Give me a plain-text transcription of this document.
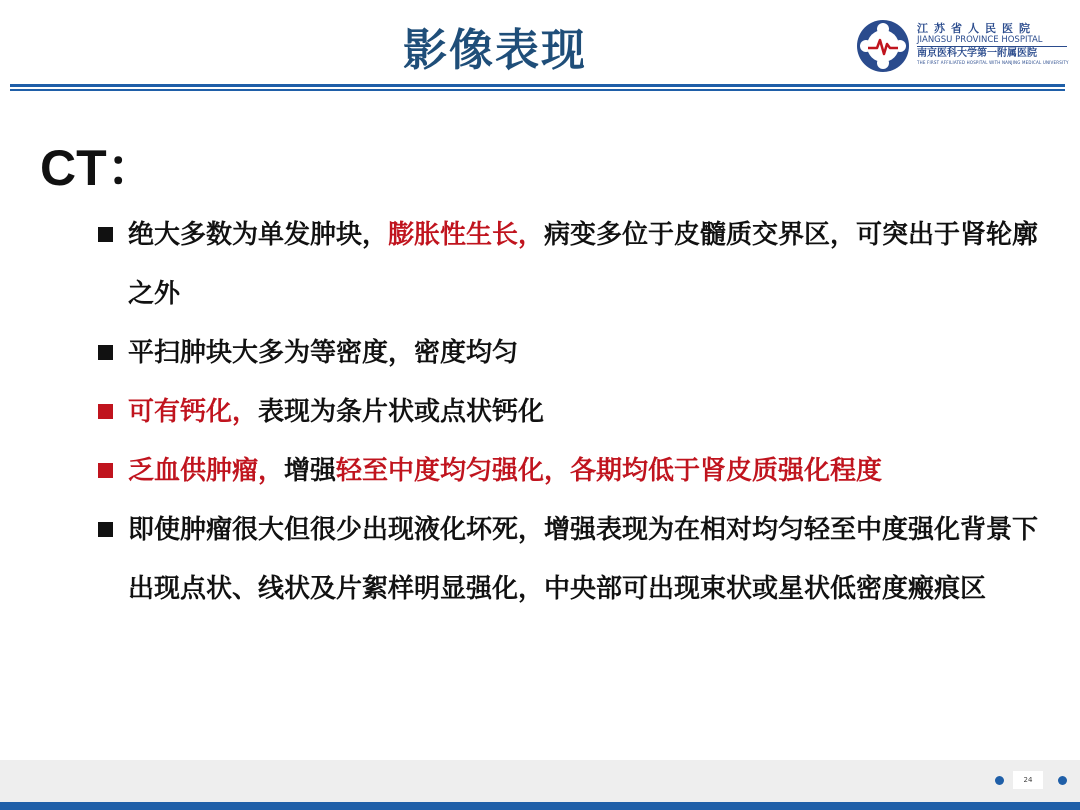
影像表现	江苏省人民医院
JIANGSU PROVINCE HOSPITAL
南京医科大学第一附属医院
THE FIRST AFFILIATED HOSPITAL WITH NANJING MEDICAL UNIVERSITY
CT：
绝大多数为单发肿块，膨胀性生长，病变多位于皮髓质交界区，可突出于肾轮廓之外
平扫肿块大多为等密度，密度均匀
可有钙化，表现为条片状或点状钙化
乏血供肿瘤，增强轻至中度均匀强化，各期均低于肾皮质强化程度
即使肿瘤很大但很少出现液化坏死，增强表现为在相对均匀轻至中度强化背景下出现点状、线状及片絮样明显强化，中央部可出现束状或星状低密度瘢痕区
24
